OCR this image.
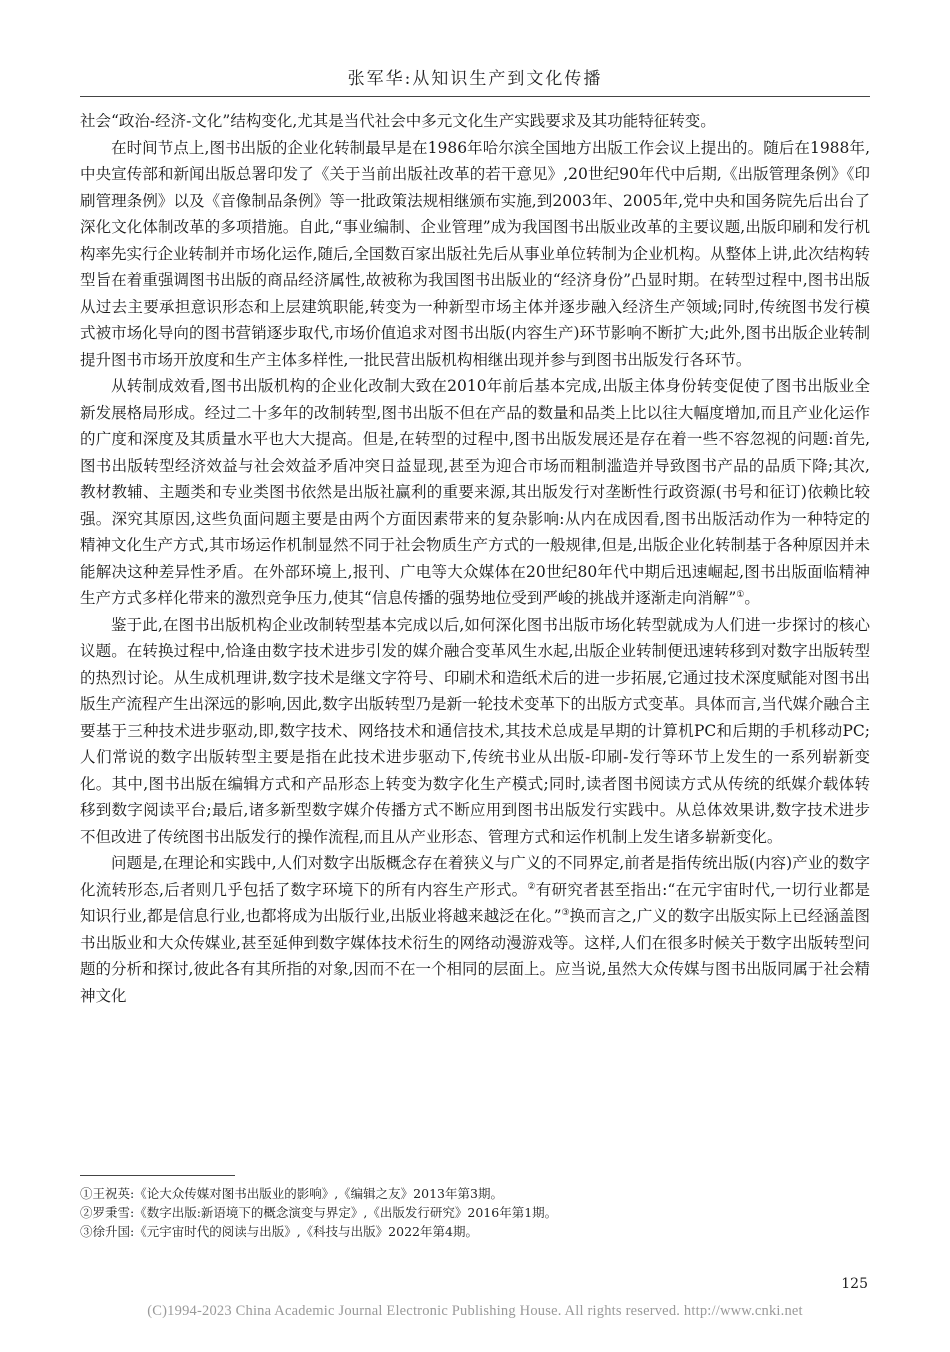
张军华:从知识生产到文化传播

社会“政治-经济-文化”结构变化,尤其是当代社会中多元文化生产实践要求及其功能特征转变。

在时间节点上,图书出版的企业化转制最早是在1986年哈尔滨全国地方出版工作会议上提出的。随后在1988年,中央宣传部和新闻出版总署印发了《关于当前出版社改革的若干意见》,20世纪90年代中后期,《出版管理条例》《印刷管理条例》以及《音像制品条例》等一批政策法规相继颁布实施,到2003年、2005年,党中央和国务院先后出台了深化文化体制改革的多项措施。自此,“事业编制、企业管理”成为我国图书出版业改革的主要议题,出版印刷和发行机构率先实行企业转制并市场化运作,随后,全国数百家出版社先后从事业单位转制为企业机构。从整体上讲,此次结构转型旨在着重强调图书出版的商品经济属性,故被称为我国图书出版业的“经济身份”凸显时期。在转型过程中,图书出版从过去主要承担意识形态和上层建筑职能,转变为一种新型市场主体并逐步融入经济生产领域;同时,传统图书发行模式被市场化导向的图书营销逐步取代,市场价值追求对图书出版(内容生产)环节影响不断扩大;此外,图书出版企业转制提升图书市场开放度和生产主体多样性,一批民营出版机构相继出现并参与到图书出版发行各环节。

从转制成效看,图书出版机构的企业化改制大致在2010年前后基本完成,出版主体身份转变促使了图书出版业全新发展格局形成。经过二十多年的改制转型,图书出版不但在产品的数量和品类上比以往大幅度增加,而且产业化运作的广度和深度及其质量水平也大大提高。但是,在转型的过程中,图书出版发展还是存在着一些不容忽视的问题:首先,图书出版转型经济效益与社会效益矛盾冲突日益显现,甚至为迎合市场而粗制滥造并导致图书产品的品质下降;其次,教材教辅、主题类和专业类图书依然是出版社赢利的重要来源,其出版发行对垄断性行政资源(书号和征订)依赖比较强。深究其原因,这些负面问题主要是由两个方面因素带来的复杂影响:从内在成因看,图书出版活动作为一种特定的精神文化生产方式,其市场运作机制显然不同于社会物质生产方式的一般规律,但是,出版企业化转制基于各种原因并未能解决这种差异性矛盾。在外部环境上,报刊、广电等大众媒体在20世纪80年代中期后迅速崛起,图书出版面临精神生产方式多样化带来的激烈竞争压力,使其“信息传播的强势地位受到严峻的挑战并逐渐走向消解”①。

鉴于此,在图书出版机构企业改制转型基本完成以后,如何深化图书出版市场化转型就成为人们进一步探讨的核心议题。在转换过程中,恰逢由数字技术进步引发的媒介融合变革风生水起,出版企业转制便迅速转移到对数字出版转型的热烈讨论。从生成机理讲,数字技术是继文字符号、印刷术和造纸术后的进一步拓展,它通过技术深度赋能对图书出版生产流程产生出深远的影响,因此,数字出版转型乃是新一轮技术变革下的出版方式变革。具体而言,当代媒介融合主要基于三种技术进步驱动,即,数字技术、网络技术和通信技术,其技术总成是早期的计算机PC和后期的手机移动PC;人们常说的数字出版转型主要是指在此技术进步驱动下,传统书业从出版-印刷-发行等环节上发生的一系列崭新变化。其中,图书出版在编辑方式和产品形态上转变为数字化生产模式;同时,读者图书阅读方式从传统的纸媒介载体转移到数字阅读平台;最后,诸多新型数字媒介传播方式不断应用到图书出版发行实践中。从总体效果讲,数字技术进步不但改进了传统图书出版发行的操作流程,而且从产业形态、管理方式和运作机制上发生诸多崭新变化。

问题是,在理论和实践中,人们对数字出版概念存在着狭义与广义的不同界定,前者是指传统出版(内容)产业的数字化流转形态,后者则几乎包括了数字环境下的所有内容生产形式。②有研究者甚至指出:“在元宇宙时代,一切行业都是知识行业,都是信息行业,也都将成为出版行业,出版业将越来越泛在化。”③换而言之,广义的数字出版实际上已经涵盖图书出版业和大众传媒业,甚至延伸到数字媒体技术衍生的网络动漫游戏等。这样,人们在很多时候关于数字出版转型问题的分析和探讨,彼此各有其所指的对象,因而不在一个相同的层面上。应当说,虽然大众传媒与图书出版同属于社会精神文化

①王祝英:《论大众传媒对图书出版业的影响》,《编辑之友》2013年第3期。
②罗秉雪:《数字出版:新语境下的概念演变与界定》,《出版发行研究》2016年第1期。
③徐升国:《元宇宙时代的阅读与出版》,《科技与出版》2022年第4期。
125
(C)1994-2023 China Academic Journal Electronic Publishing House. All rights reserved. http://www.cnki.net
